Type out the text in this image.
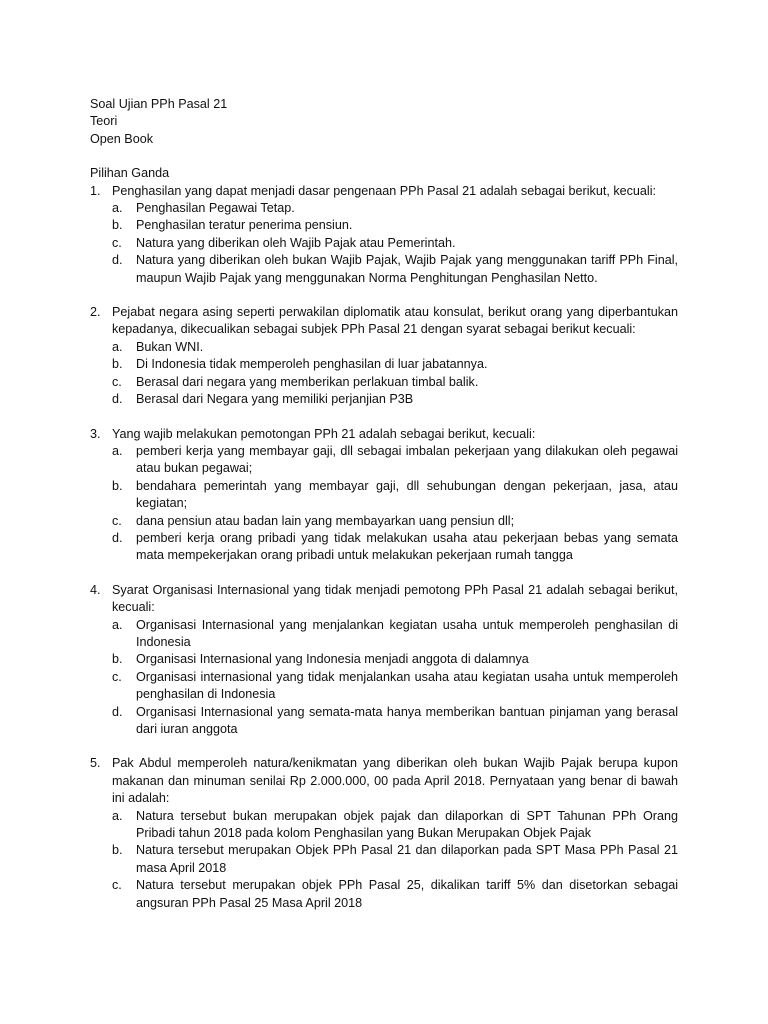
Soal Ujian PPh Pasal 21
Teori
Open Book
Pilihan Ganda
1. Penghasilan yang dapat menjadi dasar pengenaan PPh Pasal 21 adalah sebagai berikut, kecuali:
a. Penghasilan Pegawai Tetap.
b. Penghasilan teratur penerima pensiun.
c. Natura yang diberikan oleh Wajib Pajak atau Pemerintah.
d. Natura yang diberikan oleh bukan Wajib Pajak, Wajib Pajak yang menggunakan tariff PPh Final, maupun Wajib Pajak yang menggunakan Norma Penghitungan Penghasilan Netto.
2. Pejabat negara asing seperti perwakilan diplomatik atau konsulat, berikut orang yang diperbantukan kepadanya, dikecualikan sebagai subjek PPh Pasal 21 dengan syarat sebagai berikut kecuali:
a. Bukan WNI.
b. Di Indonesia tidak memperoleh penghasilan di luar jabatannya.
c. Berasal dari negara yang memberikan perlakuan timbal balik.
d. Berasal dari Negara yang memiliki perjanjian P3B
3. Yang wajib melakukan pemotongan PPh 21 adalah sebagai berikut, kecuali:
a. pemberi kerja yang membayar gaji, dll sebagai imbalan pekerjaan yang dilakukan oleh pegawai atau bukan pegawai;
b. bendahara pemerintah yang membayar gaji, dll sehubungan dengan pekerjaan, jasa, atau kegiatan;
c. dana pensiun atau badan lain yang membayarkan uang pensiun dll;
d. pemberi kerja orang pribadi yang tidak melakukan usaha atau pekerjaan bebas yang semata mata mempekerjakan orang pribadi untuk melakukan pekerjaan rumah tangga
4. Syarat Organisasi Internasional yang tidak menjadi pemotong PPh Pasal 21 adalah sebagai berikut, kecuali:
a. Organisasi Internasional yang menjalankan kegiatan usaha untuk memperoleh penghasilan di Indonesia
b. Organisasi Internasional yang Indonesia menjadi anggota di dalamnya
c. Organisasi internasional yang tidak menjalankan usaha atau kegiatan usaha untuk memperoleh penghasilan di Indonesia
d. Organisasi Internasional yang semata-mata hanya memberikan bantuan pinjaman yang berasal dari iuran anggota
5. Pak Abdul memperoleh natura/kenikmatan yang diberikan oleh bukan Wajib Pajak berupa kupon makanan dan minuman senilai Rp 2.000.000, 00 pada April 2018. Pernyataan yang benar di bawah ini adalah:
a. Natura tersebut bukan merupakan objek pajak dan dilaporkan di SPT Tahunan PPh Orang Pribadi tahun 2018 pada kolom Penghasilan yang Bukan Merupakan Objek Pajak
b. Natura tersebut merupakan Objek PPh Pasal 21 dan dilaporkan pada SPT Masa PPh Pasal 21 masa April 2018
c. Natura tersebut merupakan objek PPh Pasal 25, dikalikan tariff 5% dan disetorkan sebagai angsuran PPh Pasal 25 Masa April 2018
